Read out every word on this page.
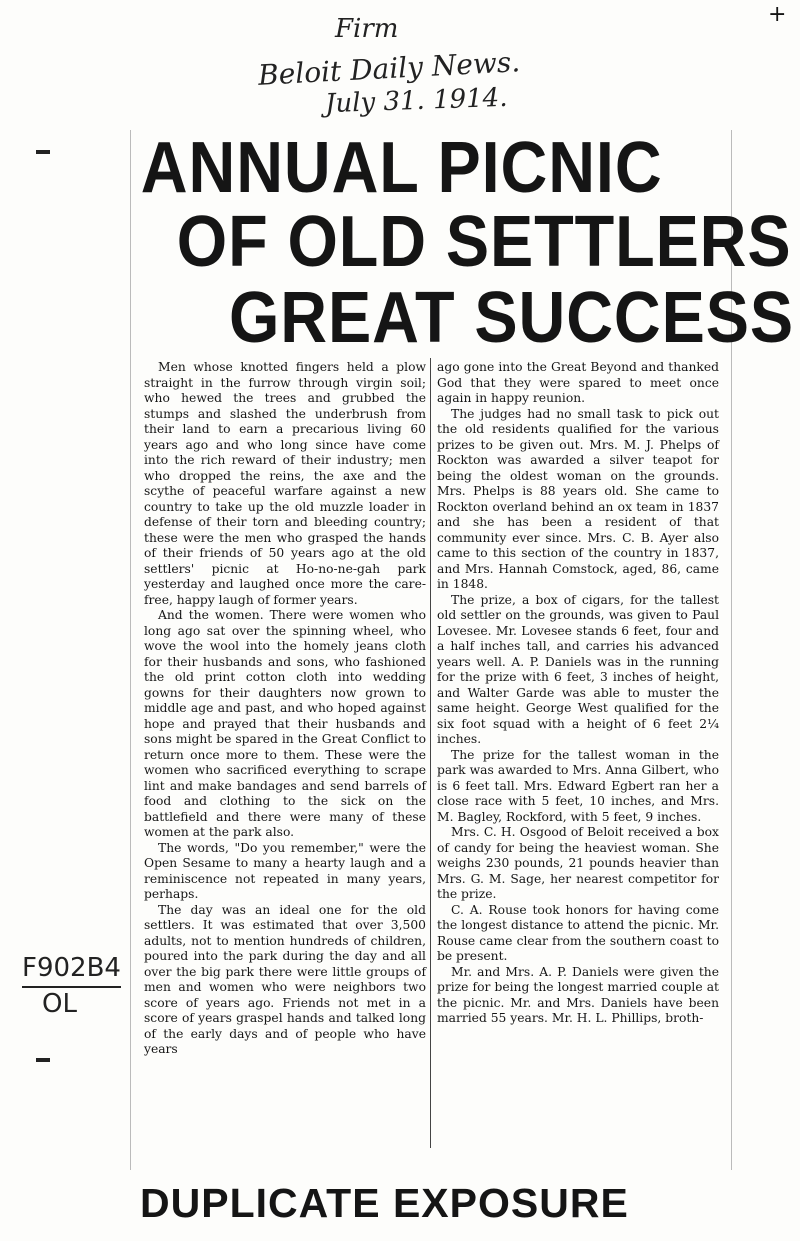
Firm
Beloit Daily News.
July 31. 1914.
+
ANNUAL PICNIC
OF OLD SETTLERS
GREAT SUCCESS

Men whose knotted fingers held a plow straight in the furrow through virgin soil; who hewed the trees and grubbed the stumps and slashed the underbrush from their land to earn a precarious living 60 years ago and who long since have come into the rich reward of their industry; men who dropped the reins, the axe and the scythe of peaceful warfare against a new country to take up the old muzzle loader in defense of their torn and bleeding country; these were the men who grasped the hands of their friends of 50 years ago at the old settlers' picnic at Ho-no-ne-gah park yesterday and laughed once more the care-free, happy laugh of former years.

And the women. There were women who long ago sat over the spinning wheel, who wove the wool into the homely jeans cloth for their husbands and sons, who fashioned the old print cotton cloth into wedding gowns for their daughters now grown to middle age and past, and who hoped against hope and prayed that their husbands and sons might be spared in the Great Conflict to return once more to them. These were the women who sacrificed everything to scrape lint and make bandages and send barrels of food and clothing to the sick on the battlefield and there were many of these women at the park also.

The words, "Do you remember," were the Open Sesame to many a hearty laugh and a reminiscence not repeated in many years, perhaps.

The day was an ideal one for the old settlers. It was estimated that over 3,500 adults, not to mention hundreds of children, poured into the park during the day and all over the big park there were little groups of men and women who were neighbors two score of years ago. Friends not met in a score of years graspel hands and talked long of the early days and of people who have years

ago gone into the Great Beyond and thanked God that they were spared to meet once again in happy reunion.

The judges had no small task to pick out the old residents qualified for the various prizes to be given out. Mrs. M. J. Phelps of Rockton was awarded a silver teapot for being the oldest woman on the grounds. Mrs. Phelps is 88 years old. She came to Rockton overland behind an ox team in 1837 and she has been a resident of that community ever since. Mrs. C. B. Ayer also came to this section of the country in 1837, and Mrs. Hannah Comstock, aged, 86, came in 1848.

The prize, a box of cigars, for the tallest old settler on the grounds, was given to Paul Lovesee. Mr. Lovesee stands 6 feet, four and a half inches tall, and carries his advanced years well. A. P. Daniels was in the running for the prize with 6 feet, 3 inches of height, and Walter Garde was able to muster the same height. George West qualified for the six foot squad with a height of 6 feet 2¼ inches.

The prize for the tallest woman in the park was awarded to Mrs. Anna Gilbert, who is 6 feet tall. Mrs. Edward Egbert ran her a close race with 5 feet, 10 inches, and Mrs. M. Bagley, Rockford, with 5 feet, 9 inches.

Mrs. C. H. Osgood of Beloit received a box of candy for being the heaviest woman. She weighs 230 pounds, 21 pounds heavier than Mrs. G. M. Sage, her nearest competitor for the prize.

C. A. Rouse took honors for having come the longest distance to attend the picnic. Mr. Rouse came clear from the southern coast to be present.

Mr. and Mrs. A. P. Daniels were given the prize for being the longest married couple at the picnic. Mr. and Mrs. Daniels have been married 55 years. Mr. H. L. Phillips, broth-

F902B4
OL
DUPLICATE EXPOSURE
